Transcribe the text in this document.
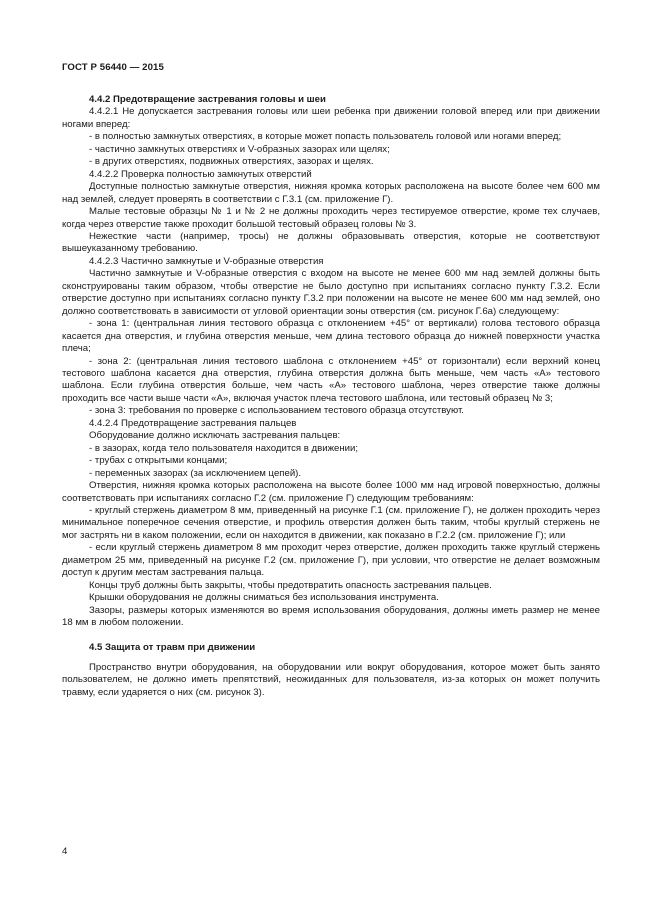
ГОСТ Р 56440 — 2015

4.4.2 Предотвращение застревания головы и шеи

4.4.2.1 Не допускается застревания головы или шеи ребенка при движении головой вперед или при движении ногами вперед:

- в полностью замкнутых отверстиях, в которые может попасть пользователь головой или ногами вперед;

- частично замкнутых отверстиях и V-образных зазорах или щелях;

- в других отверстиях, подвижных отверстиях, зазорах и щелях.

4.4.2.2 Проверка полностью замкнутых отверстий

Доступные полностью замкнутые отверстия, нижняя кромка которых расположена на высоте более чем 600 мм над землей, следует проверять в соответствии с Г.3.1 (см. приложение Г).

Малые тестовые образцы № 1 и № 2 не должны проходить через тестируемое отверстие, кроме тех случаев, когда через отверстие также проходит большой тестовый образец головы № 3.

Нежесткие части (например, тросы) не должны образовывать отверстия, которые не соответствуют вышеуказанному требованию.

4.4.2.3 Частично замкнутые и V-образные отверстия

Частично замкнутые и V-образные отверстия с входом на высоте не менее 600 мм над землей должны быть сконструированы таким образом, чтобы отверстие не было доступно при испытаниях согласно пункту Г.3.2. Если отверстие доступно при испытаниях согласно пункту Г.3.2 при положении на высоте не менее 600 мм над землей, оно должно соответствовать в зависимости от угловой ориентации зоны отверстия (см. рисунок Г.6а) следующему:

- зона 1: (центральная линия тестового образца с отклонением +45° от вертикали) голова тестового образца касается дна отверстия, и глубина отверстия меньше, чем длина тестового образца до нижней поверхности участка плеча;

- зона 2: (центральная линия тестового шаблона с отклонением +45° от горизонтали) если верхний конец тестового шаблона касается дна отверстия, глубина отверстия должна быть меньше, чем часть «А» тестового шаблона. Если глубина отверстия больше, чем часть «А» тестового шаблона, через отверстие также должны проходить все части выше части «А», включая участок плеча тестового шаблона, или тестовый образец № 3;

- зона 3: требования по проверке с использованием тестового образца отсутствуют.

4.4.2.4 Предотвращение застревания пальцев

Оборудование должно исключать застревания пальцев:

- в зазорах, когда тело пользователя находится в движении;

- трубах с открытыми концами;

- переменных зазорах (за исключением цепей).

Отверстия, нижняя кромка которых расположена на высоте более 1000 мм над игровой поверхностью, должны соответствовать при испытаниях согласно Г.2 (см. приложение Г) следующим требованиям:

- круглый стержень диаметром 8 мм, приведенный на рисунке Г.1 (см. приложение Г), не должен проходить через минимальное поперечное сечения отверстие, и профиль отверстия должен быть таким, чтобы круглый стержень не мог застрять ни в каком положении, если он находится в движении, как показано в Г.2.2 (см. приложение Г); или

- если круглый стержень диаметром 8 мм проходит через отверстие, должен проходить также круглый стержень диаметром 25 мм, приведенный на рисунке Г.2 (см. приложение Г), при условии, что отверстие не делает возможным доступ к другим местам застревания пальца.

Концы труб должны быть закрыты, чтобы предотвратить опасность застревания пальцев.

Крышки оборудования не должны сниматься без использования инструмента.

Зазоры, размеры которых изменяются во время использования оборудования, должны иметь размер не менее 18 мм в любом положении.

4.5 Защита от травм при движении

Пространство внутри оборудования, на оборудовании или вокруг оборудования, которое может быть занято пользователем, не должно иметь препятствий, неожиданных для пользователя, из-за которых он может получить травму, если ударяется о них (см. рисунок 3).

4
